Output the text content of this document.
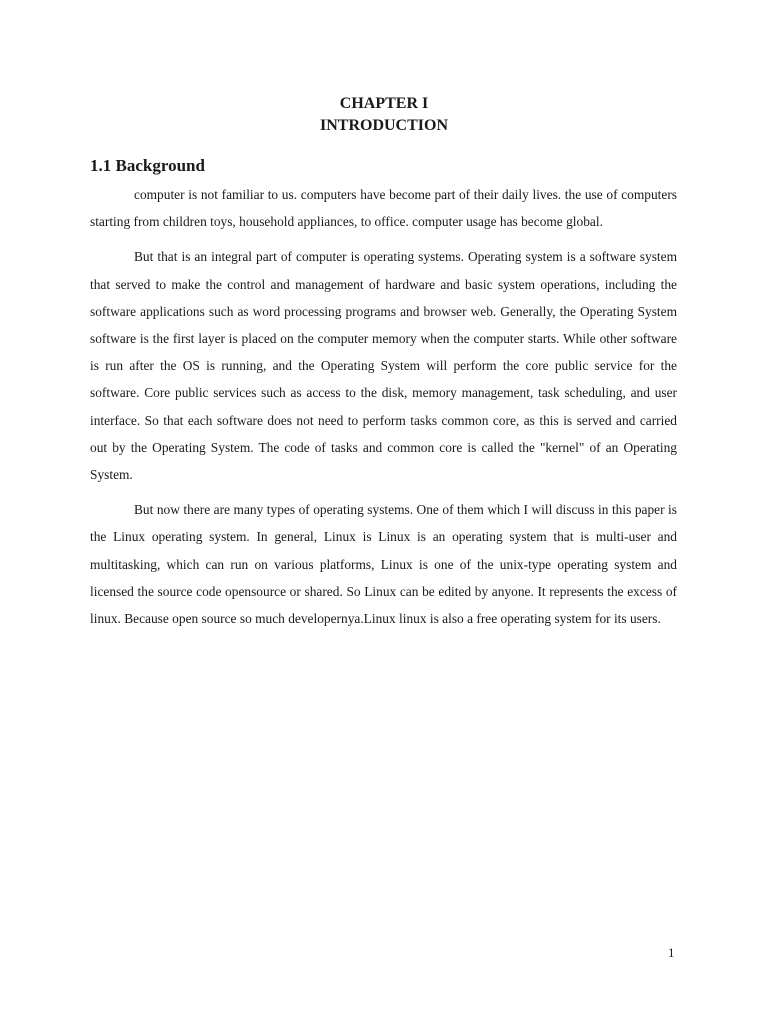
CHAPTER I
INTRODUCTION
1.1 Background

computer is not familiar to us. computers have become part of their daily lives. the use of computers starting from children toys, household appliances, to office. computer usage has become global.

But that is an integral part of computer is operating systems. Operating system is a software system that served to make the control and management of hardware and basic system operations, including the software applications such as word processing programs and browser web. Generally, the Operating System software is the first layer is placed on the computer memory when the computer starts. While other software is run after the OS is running, and the Operating System will perform the core public service for the software. Core public services such as access to the disk, memory management, task scheduling, and user interface. So that each software does not need to perform tasks common core, as this is served and carried out by the Operating System. The code of tasks and common core is called the "kernel" of an Operating System.

But now there are many types of operating systems. One of them which I will discuss in this paper is the Linux operating system. In general, Linux is Linux is an operating system that is multi-user and multitasking, which can run on various platforms, Linux is one of the unix-type operating system and licensed the source code opensource or shared. So Linux can be edited by anyone. It represents the excess of linux. Because open source so much developernya.Linux linux is also a free operating system for its users.

1
